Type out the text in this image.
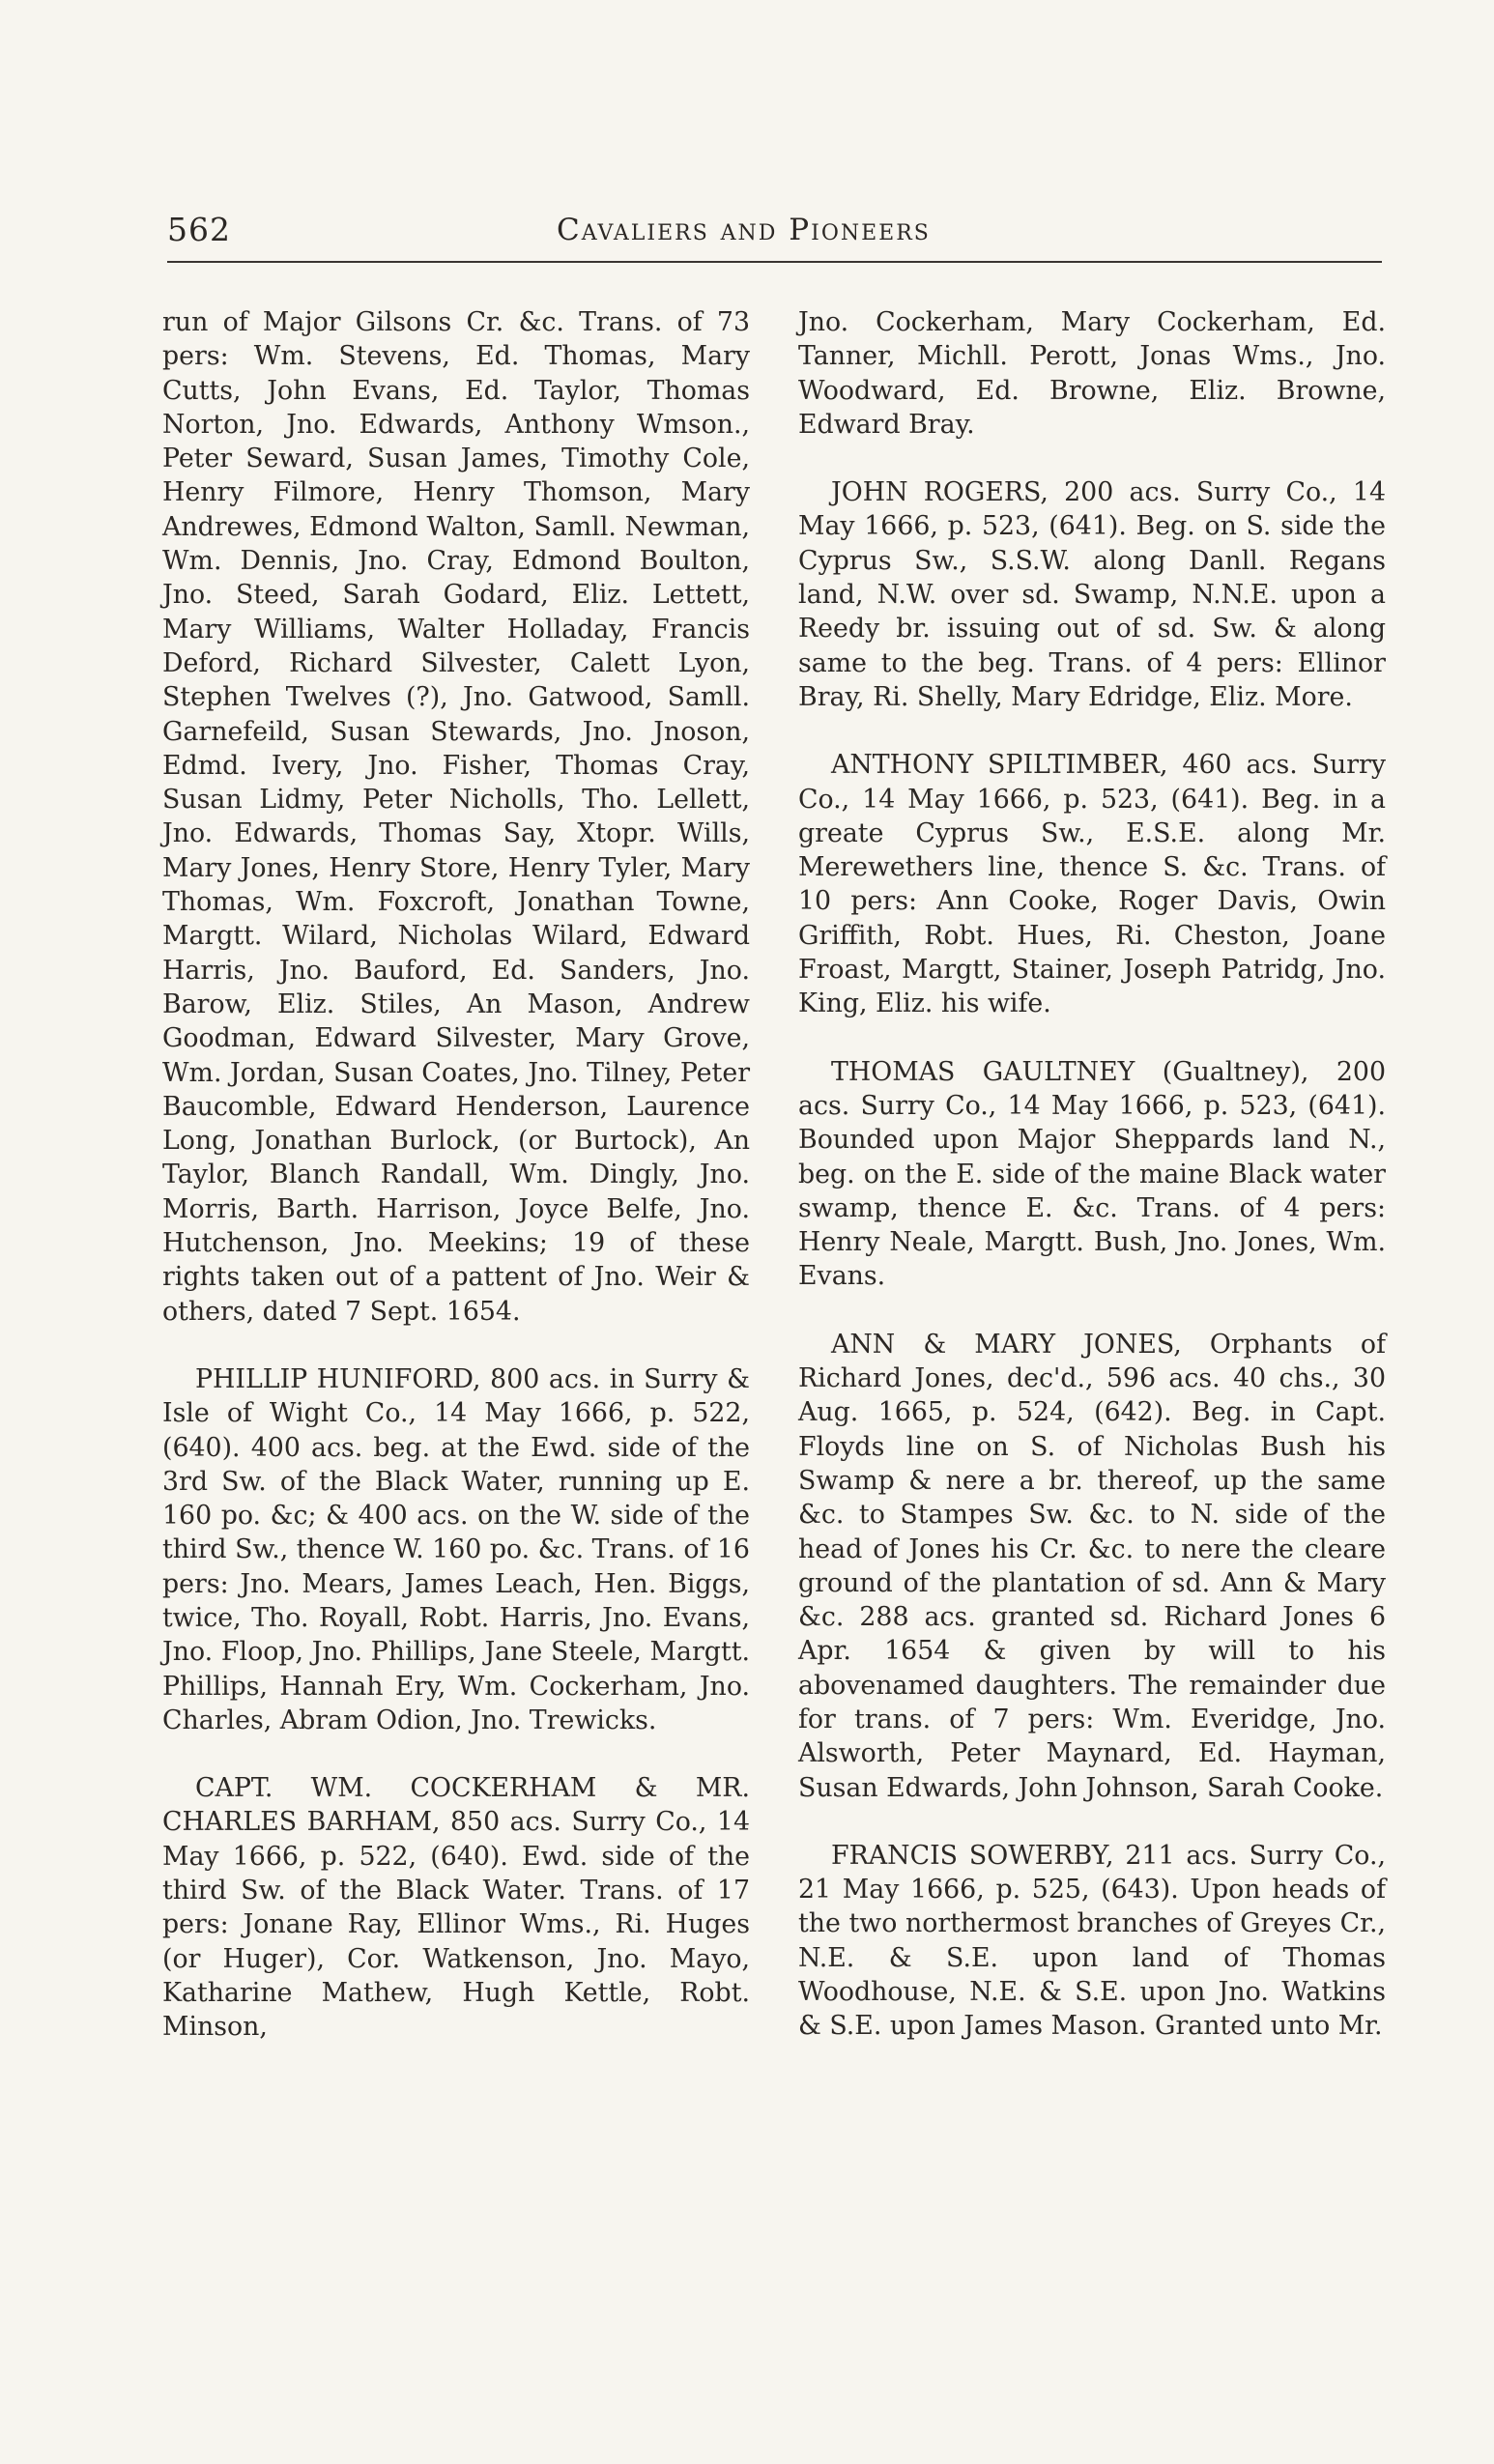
562	Cavaliers and Pioneers

run of Major Gilsons Cr. &c. Trans. of 73 pers: Wm. Stevens, Ed. Thomas, Mary Cutts, John Evans, Ed. Taylor, Thomas Norton, Jno. Edwards, Anthony Wmson., Peter Seward, Susan James, Timothy Cole, Henry Filmore, Henry Thomson, Mary Andrewes, Edmond Walton, Samll. Newman, Wm. Dennis, Jno. Cray, Edmond Boulton, Jno. Steed, Sarah Godard, Eliz. Lettett, Mary Williams, Walter Holladay, Francis Deford, Richard Silvester, Calett Lyon, Stephen Twelves (?), Jno. Gatwood, Samll. Garnefeild, Susan Stewards, Jno. Jnoson, Edmd. Ivery, Jno. Fisher, Thomas Cray, Susan Lidmy, Peter Nicholls, Tho. Lellett, Jno. Edwards, Thomas Say, Xtopr. Wills, Mary Jones, Henry Store, Henry Tyler, Mary Thomas, Wm. Foxcroft, Jonathan Towne, Margtt. Wilard, Nicholas Wilard, Edward Harris, Jno. Bauford, Ed. Sanders, Jno. Barow, Eliz. Stiles, An Mason, Andrew Goodman, Edward Silvester, Mary Grove, Wm. Jordan, Susan Coates, Jno. Tilney, Peter Baucomble, Edward Henderson, Laurence Long, Jonathan Burlock, (or Burtock), An Taylor, Blanch Randall, Wm. Dingly, Jno. Morris, Barth. Harrison, Joyce Belfe, Jno. Hutchenson, Jno. Meekins; 19 of these rights taken out of a pattent of Jno. Weir & others, dated 7 Sept. 1654.

PHILLIP HUNIFORD, 800 acs. in Surry & Isle of Wight Co., 14 May 1666, p. 522, (640). 400 acs. beg. at the Ewd. side of the 3rd Sw. of the Black Water, running up E. 160 po. &c; & 400 acs. on the W. side of the third Sw., thence W. 160 po. &c. Trans. of 16 pers: Jno. Mears, James Leach, Hen. Biggs, twice, Tho. Royall, Robt. Harris, Jno. Evans, Jno. Floop, Jno. Phillips, Jane Steele, Margtt. Phillips, Hannah Ery, Wm. Cockerham, Jno. Charles, Abram Odion, Jno. Trewicks.

CAPT. WM. COCKERHAM & MR. CHARLES BARHAM, 850 acs. Surry Co., 14 May 1666, p. 522, (640). Ewd. side of the third Sw. of the Black Water. Trans. of 17 pers: Jonane Ray, Ellinor Wms., Ri. Huges (or Huger), Cor. Watkenson, Jno. Mayo, Katharine Mathew, Hugh Kettle, Robt. Minson,

Jno. Cockerham, Mary Cockerham, Ed. Tanner, Michll. Perott, Jonas Wms., Jno. Woodward, Ed. Browne, Eliz. Browne, Edward Bray.

JOHN ROGERS, 200 acs. Surry Co., 14 May 1666, p. 523, (641). Beg. on S. side the Cyprus Sw., S.S.W. along Danll. Regans land, N.W. over sd. Swamp, N.N.E. upon a Reedy br. issuing out of sd. Sw. & along same to the beg. Trans. of 4 pers: Ellinor Bray, Ri. Shelly, Mary Edridge, Eliz. More.

ANTHONY SPILTIMBER, 460 acs. Surry Co., 14 May 1666, p. 523, (641). Beg. in a greate Cyprus Sw., E.S.E. along Mr. Merewethers line, thence S. &c. Trans. of 10 pers: Ann Cooke, Roger Davis, Owin Griffith, Robt. Hues, Ri. Cheston, Joane Froast, Margtt, Stainer, Joseph Patridg, Jno. King, Eliz. his wife.

THOMAS GAULTNEY (Gualtney), 200 acs. Surry Co., 14 May 1666, p. 523, (641). Bounded upon Major Sheppards land N., beg. on the E. side of the maine Black water swamp, thence E. &c. Trans. of 4 pers: Henry Neale, Margtt. Bush, Jno. Jones, Wm. Evans.

ANN & MARY JONES, Orphants of Richard Jones, dec'd., 596 acs. 40 chs., 30 Aug. 1665, p. 524, (642). Beg. in Capt. Floyds line on S. of Nicholas Bush his Swamp & nere a br. thereof, up the same &c. to Stampes Sw. &c. to N. side of the head of Jones his Cr. &c. to nere the cleare ground of the plantation of sd. Ann & Mary &c. 288 acs. granted sd. Richard Jones 6 Apr. 1654 & given by will to his abovenamed daughters. The remainder due for trans. of 7 pers: Wm. Everidge, Jno. Alsworth, Peter Maynard, Ed. Hayman, Susan Edwards, John Johnson, Sarah Cooke.

FRANCIS SOWERBY, 211 acs. Surry Co., 21 May 1666, p. 525, (643). Upon heads of the two northermost branches of Greyes Cr., N.E. & S.E. upon land of Thomas Woodhouse, N.E. & S.E. upon Jno. Watkins & S.E. upon James Mason. Granted unto Mr.
